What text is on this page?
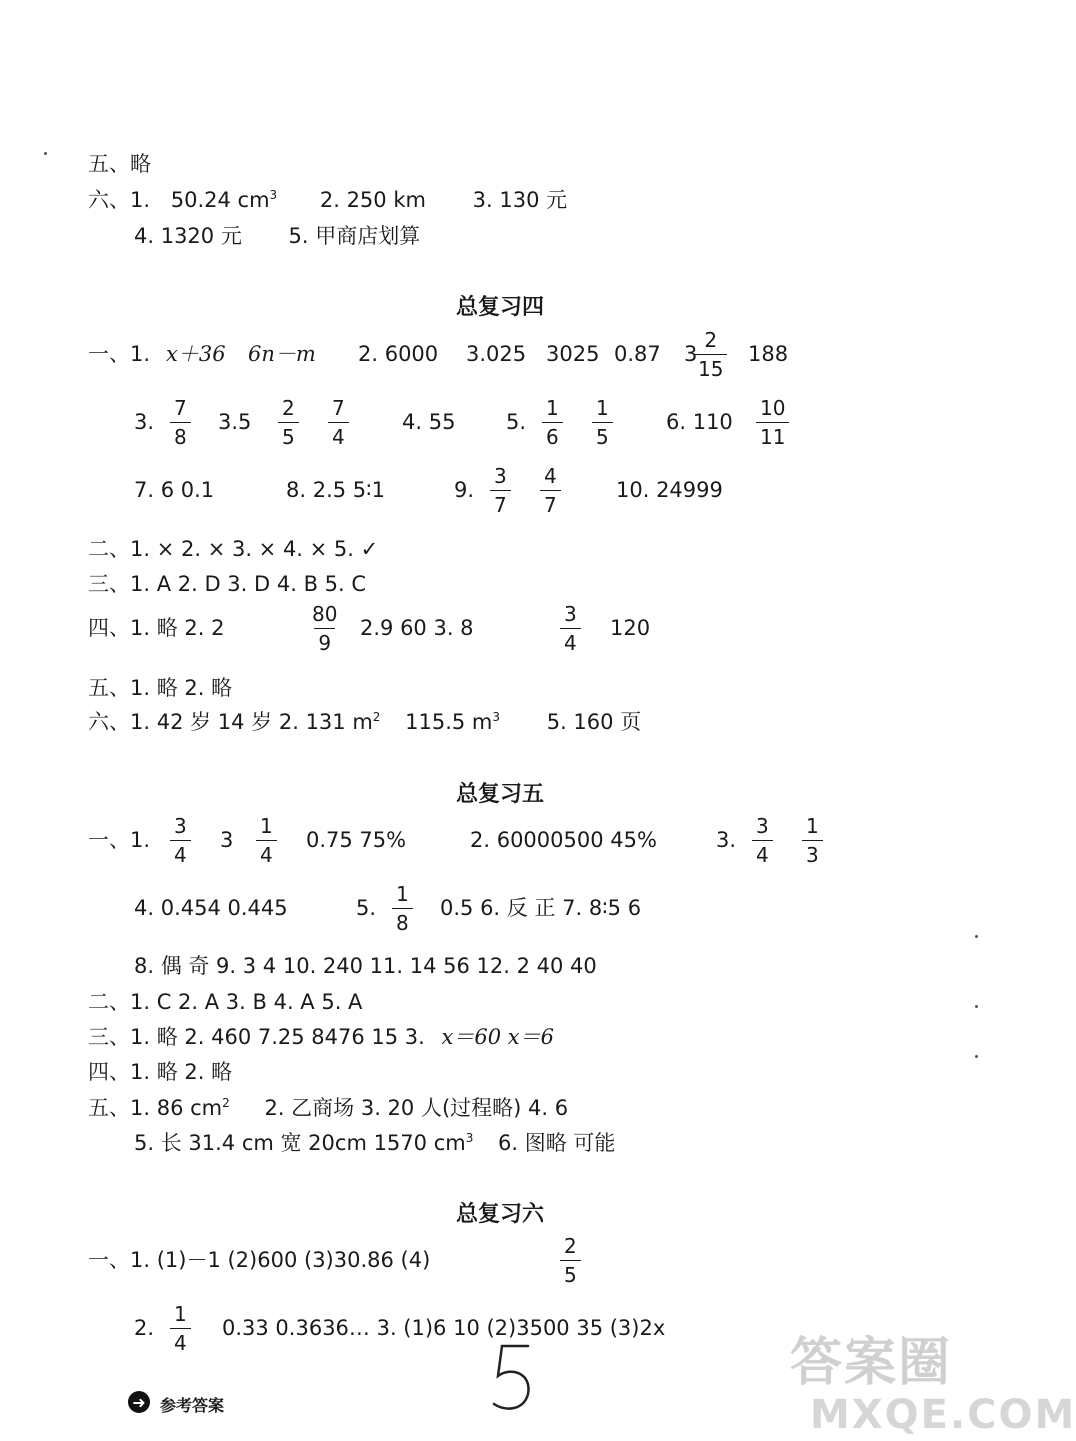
五、略
六、1. 50.24 $cm^3$ 2. 250 km 3. 130 元
4. 1320 元 5. 甲商店划算
总复习四
一、1. x＋36 6n－m 2. 6000 3.025 3025 0.87 3
$\frac{2}{15} 188$
3. $\frac{7}{8} 3.5 \frac{2}{5} \frac{7}{4}$	4. 55 5. $\frac{1}{6} \frac{1}{5}$	6. $110 \frac{10}{11}$
7. 6 0.1	8. 2.5 5∶1	9. $\frac{3}{7} \frac{4}{7}$	10. 24999
二、1. × 2. × 3. × 4. × 5. ✓
三、1. A 2. D 3. D 4. B 5. C
四、1. 略 2. 2	$\frac{80}{9} 2.9$ 60 3. 8	$\frac{3}{4} 120$
五、1. 略 2. 略
六、1. 42 岁 14 岁 2. 131 $m^2$ 115.5 $m^3$ 5. 160 页
总复习五
一、1. $\frac{3}{4} 3 \frac{1}{4} 0.75$ 75%	2. 60000500 45%	3. $\frac{3}{4} \frac{1}{3}$
4. 0.454 0.445	5. $\frac{1}{8} 0.5$ 6. 反 正 7. 8∶5 6
8. 偶 奇 9. 3 4 10. 240 11. 14 56 12. 2 40 40
二、1. C 2. A 3. B 4. A 5. A
三、1. 略 2. 460 7.25 8476 15 3. x＝60 x＝6
四、1. 略 2. 略
五、1. 86 $cm^2$ 2. 乙商场 3. 20 人(过程略) 4. 6
5. 长 31.4 cm 宽 20cm 1570 $cm^3$ 6. 图略 可能
总复习六
一、1. (1)－1 (2)600 (3)30.86 (4)	$\frac{2}{5}$
2. $\frac{1}{4} 0.33$ 0.3636… 3. (1)6 10 (2)3500 35 (3)2x
➜ 参考答案
答案圈
MXQE.COM
